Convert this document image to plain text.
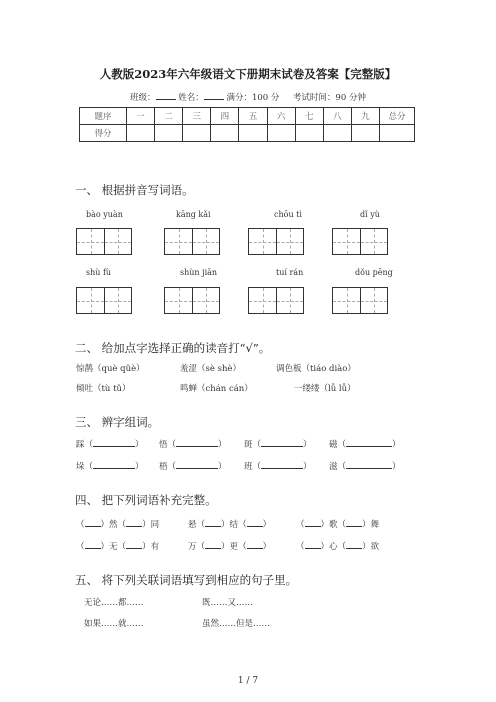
人教版2023年六年级语文下册期末试卷及答案【完整版】
班级：	姓名：	满分：100 分 考试时间：90 分钟
题序	一	二	三	四	五	六	七	八	九	总分
得分										
一、 根据拼音写词语。
bào yuàn	kāng kǎi	chōu tì	dǐ yù
shù fù	shùn jiān	tuí rán	dǒu pēng
二、 给加点字选择正确的读音打“√”。
惊鹊（què qüè）	羞涩（sè shè）	调色板（tiáo diào）
倾吐（tù tǔ）	鸣蝉（chán cán）	一缕缕（lǚ lǚ）
三、 辨字组词。
踩（	） 悟（	） 斑（	） 磁（	）
垛（	） 梧（	） 班（	） 滋（	）
四、 把下列词语补充完整。
（ ）然（ ）同	悬（ ）结（ ）	（ ）歌（ ）舞
（ ）无（ ）有	万（ ）更（ ）	（ ）心（ ）欲
五、 将下列关联词语填写到相应的句子里。
无论……都……	既……又……
如果……就……	虽然……但是……
1 / 7
